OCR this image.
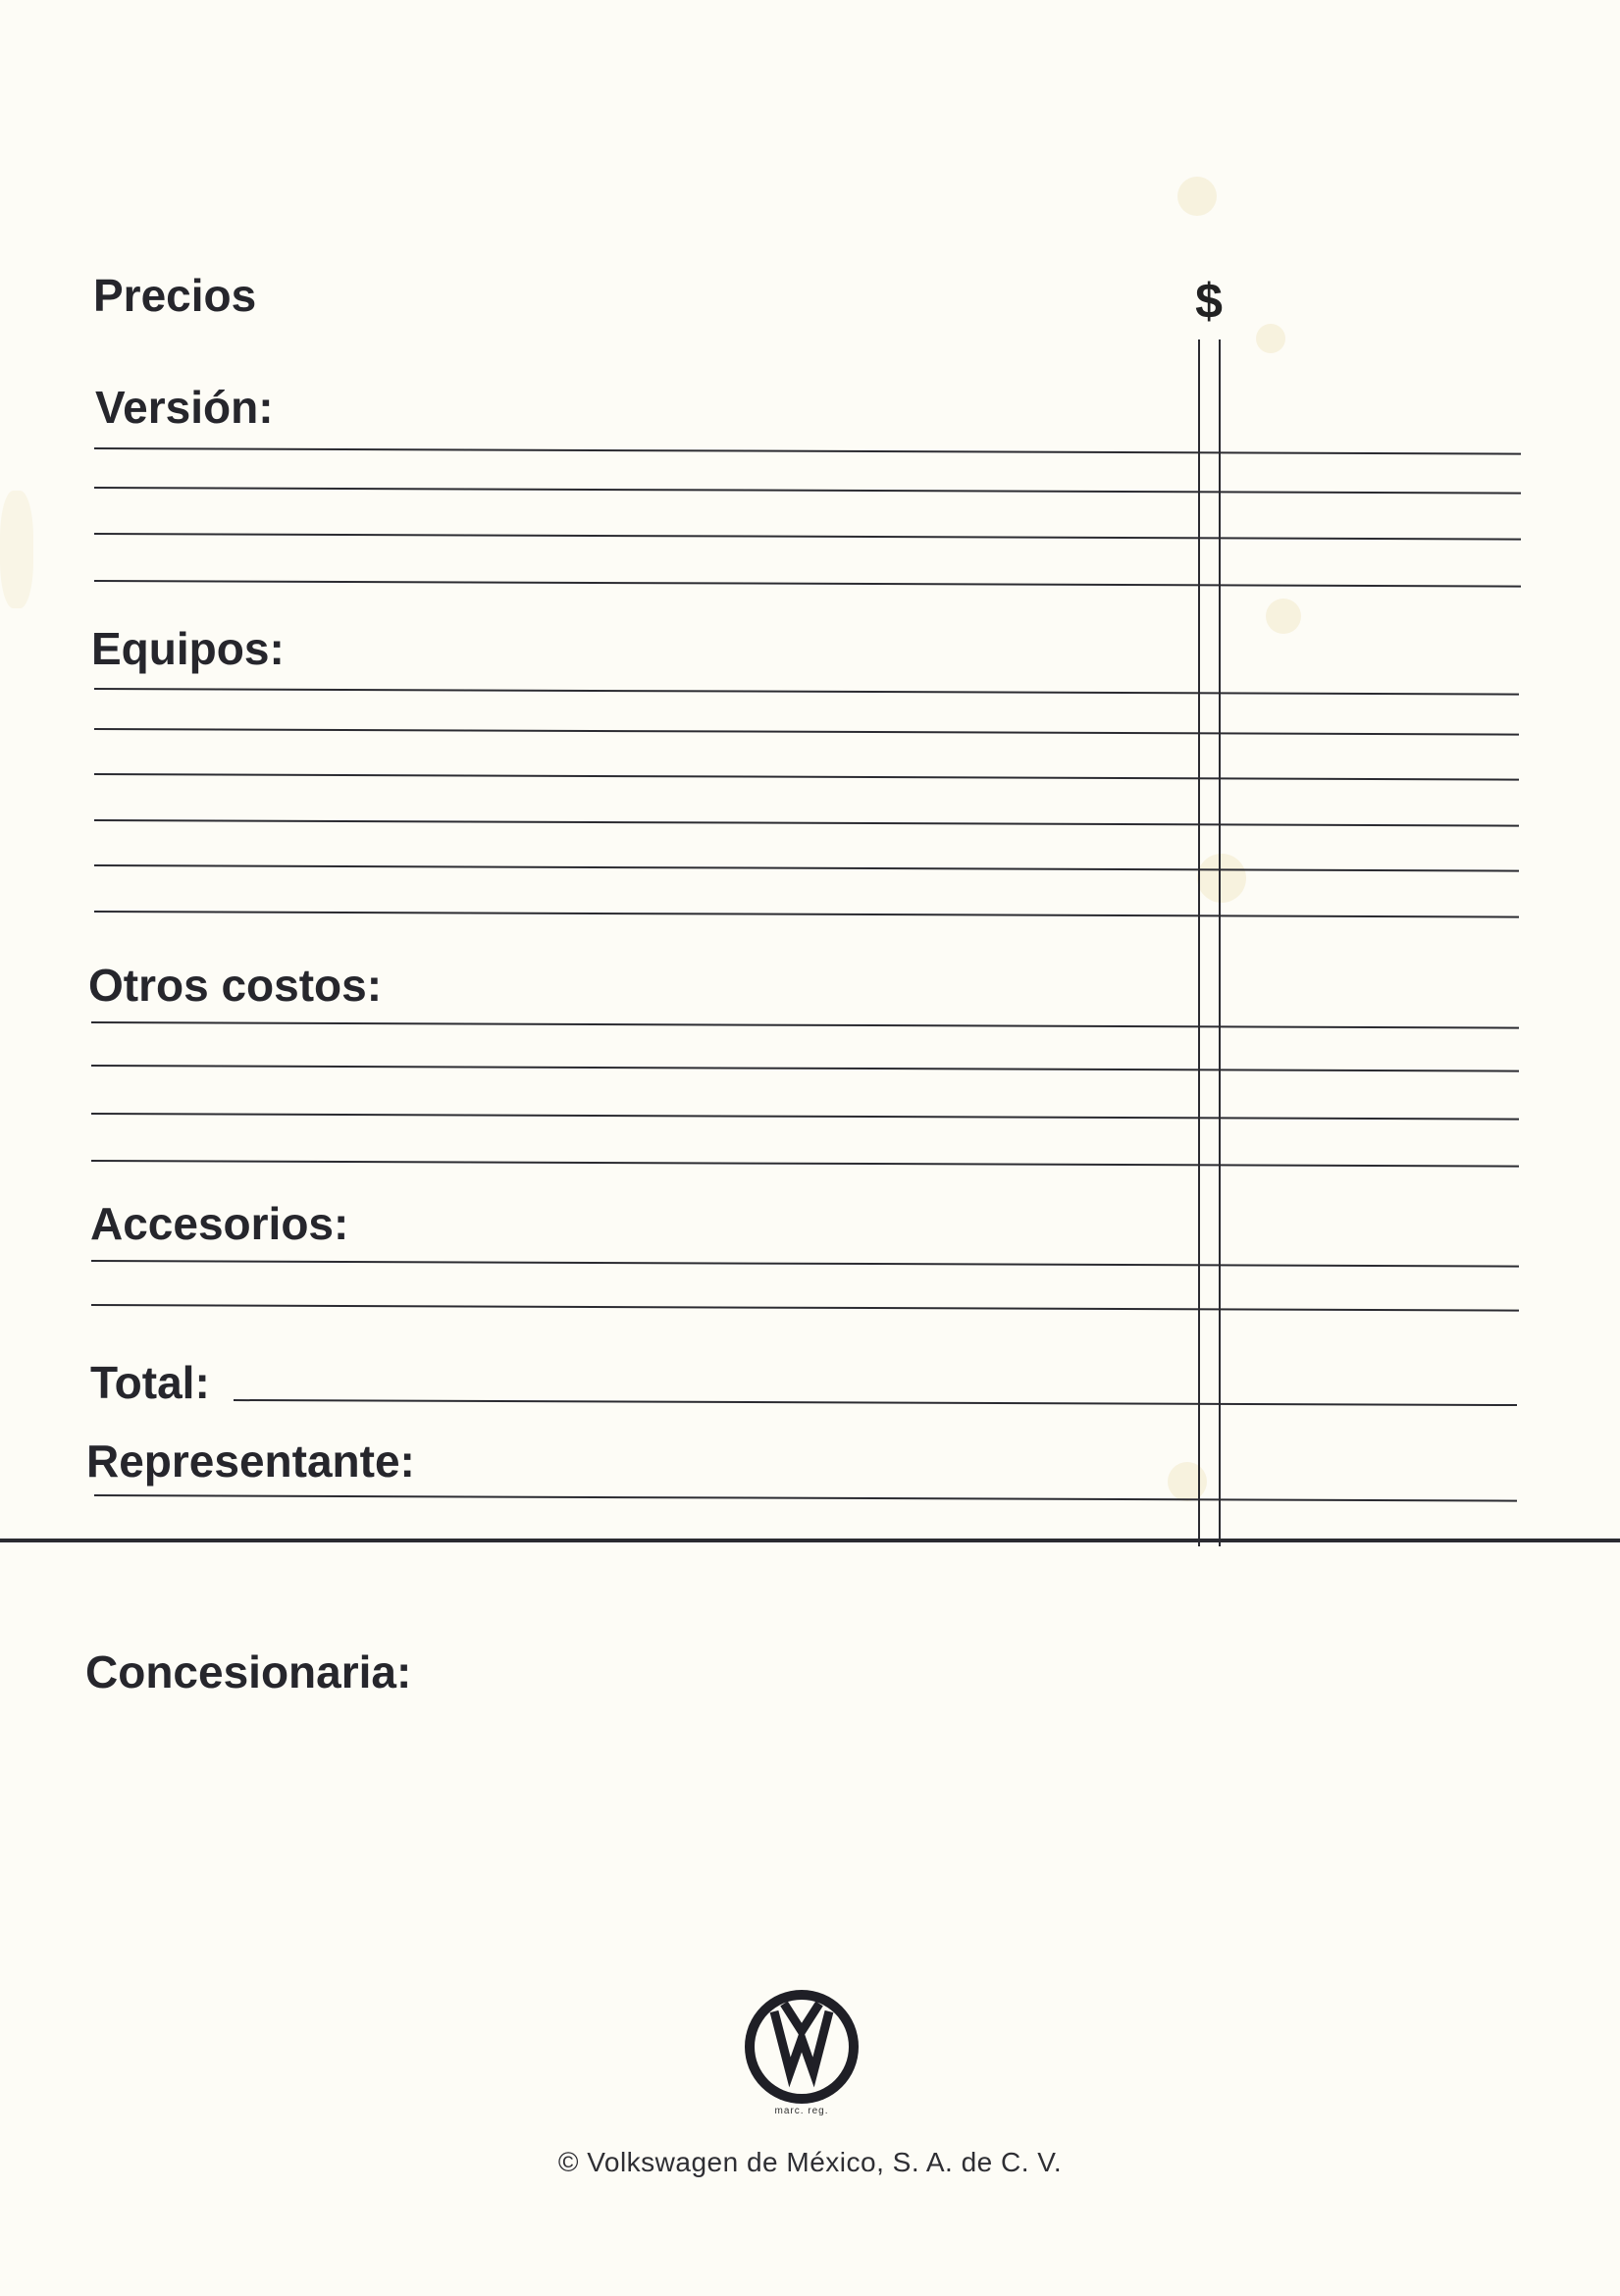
Precios	$
Versión:
Equipos:
Otros costos:
Accesorios:
Total:
Representante:
Concesionaria:
marc. reg.
© Volkswagen de México, S. A. de C. V.
